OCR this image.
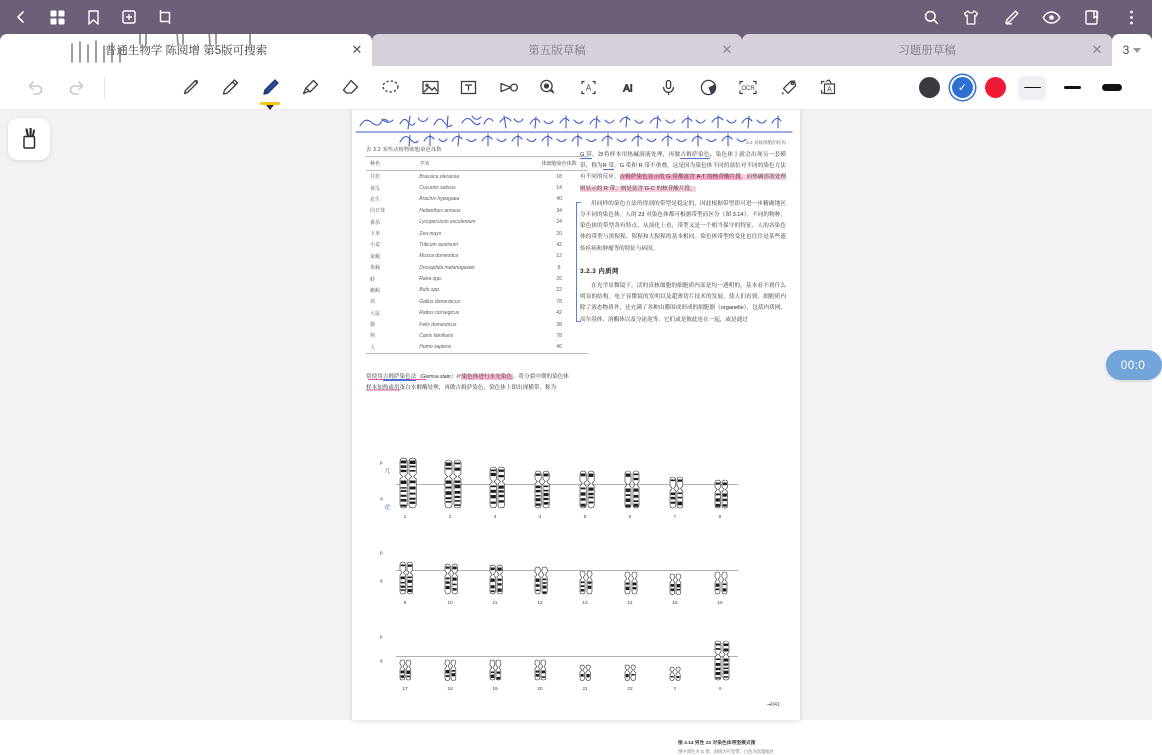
普通生物学 陈阅增 第5版可搜索	✕	第五版草稿	✕	习题册草稿	✕ 3
A	AI	OCR	A	✓
00:0
表 3.2 某些动植物细胞染色体数
种名	学名	体细胞染色体数
甘蓝	Brassica oleracea	18
黄瓜	Cucumis sativus	14
花生	Arachis hypogaea	40
向日葵	Helianthus annuus	34
番茄	Lycopersicon esculentum	24
玉米	Zea mays	20
小麦	Triticum aestivum	42
家蝇	Musca domestica	12
果蝇	Drosophila melanogaster	8
蛙	Rana spp.	26
蟾蜍	Bufo spp.	22
鸡	Gallus domesticus	78
大鼠	Rattus norvegicus	42
猫	Felis domesticus	38
狗	Canis familiaris	78
人	Homo sapiens	46
常使用吉姆萨染色法（Giemsa stain）对染色体进行水光染色。将分裂中期的染色体样本加热或用蛋白水解酶处理，再做吉姆萨染色，染色体上即出现横带，称为
3.2 真核细胞的结构

G 带。如将样本用热碱溶液处理，再做吉姆萨染色，染色体上就会出现另一套横带，称为R 带。G 带和 R 带不重叠，这是因为染色体不同的部位对不同的染色方法有不同的反应。吉姆萨染色显示的 G 带都富含 A-T 的核苷酸片段，而热碱溶液处理则显示的 R 带，则是富含 G-C 的核苷酸片段。

用同样的染色方法所得到的带型是稳定的，因此根据带型即可进一步精确地区分不同的染色体。人的 23 对染色体都可根据带型而区分（图 3.14）。不同的物种，染色体的带型各有特点。从演化上看，带型又是一个相当保守的特征。人的各染色体的带型与黑猩猩、猩猩和大猩猩的基本相同。染色体带型的变化也往往是某些遗传疾病和肿瘤等的特征与病因。

3.2.3 内质网

在光学显微镜下，活的真核细胞的细胞质内部是均一透明的，基本看不到什么明显的结构。电子显微镜的发明以及超薄切片技术的发展，使人们看到，细胞质内除了液态物质外，还充满了各种由膜围成形成的细胞器（organelle），包括内质网、高尔基体、溶酶体以及分泌泡等。它们或是彼此连在一起，或是通过

p
q
几
化
1	2	3	4	5	6	7	8
p
q
9	10	11	12	13	14	15	16
p
q
17	18	19	20	21	22	Y	X
图 3.14 男性 23 对染色体带型模式图
图中深色为 G 带；斜线为可变带；白色为次缢痕区
➞ 041
